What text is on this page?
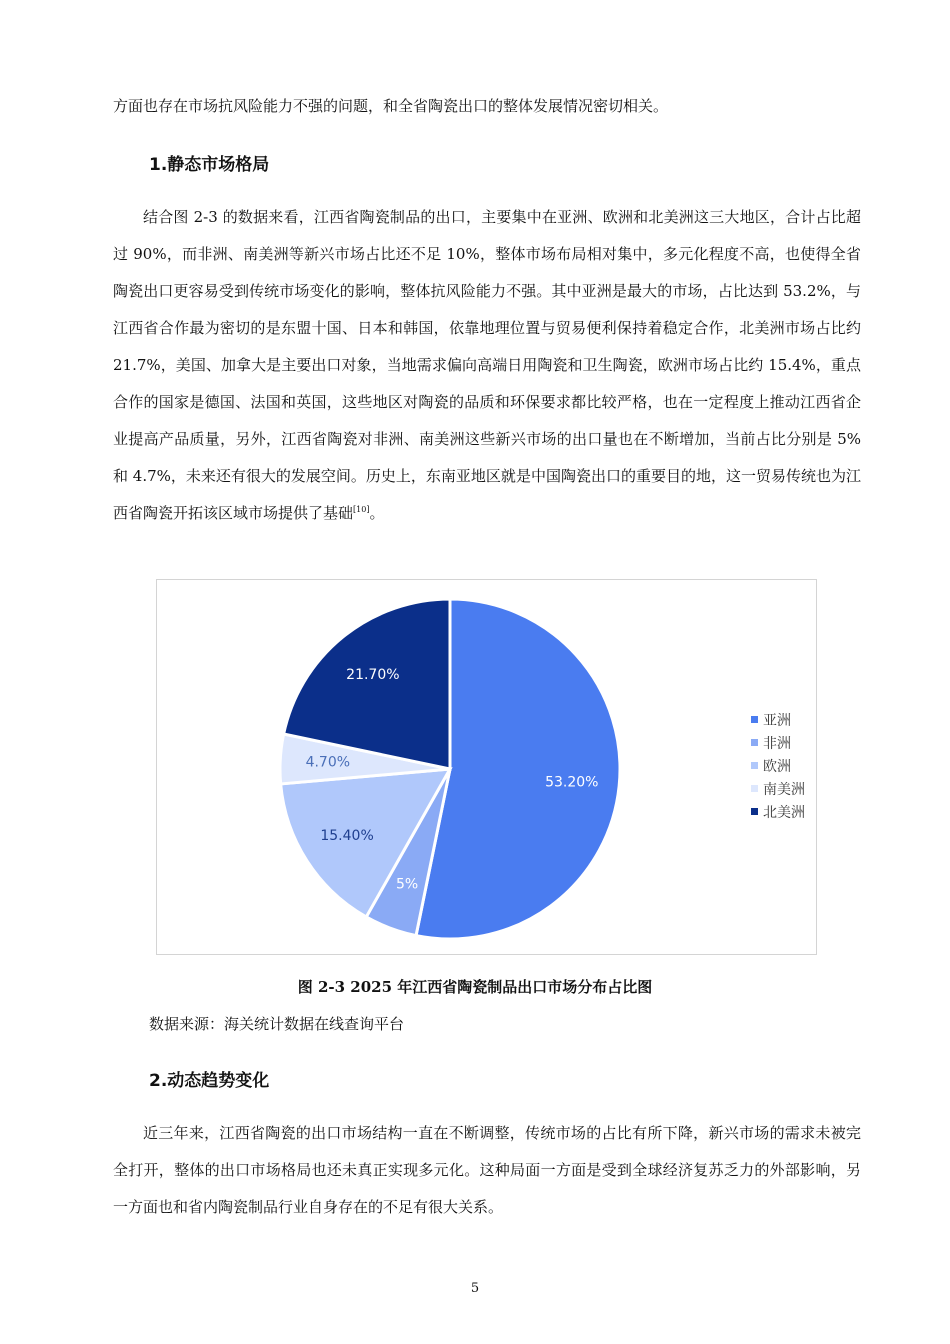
方面也存在市场抗风险能力不强的问题，和全省陶瓷出口的整体发展情况密切相关。

1.静态市场格局

结合图 2-3 的数据来看，江西省陶瓷制品的出口，主要集中在亚洲、欧洲和北美洲这三大地区，合计占比超过 90%，而非洲、南美洲等新兴市场占比还不足 10%，整体市场布局相对集中，多元化程度不高，也使得全省陶瓷出口更容易受到传统市场变化的影响，整体抗风险能力不强。其中亚洲是最大的市场，占比达到 53.2%，与江西省合作最为密切的是东盟十国、日本和韩国，依靠地理位置与贸易便利保持着稳定合作，北美洲市场占比约 21.7%，美国、加拿大是主要出口对象，当地需求偏向高端日用陶瓷和卫生陶瓷，欧洲市场占比约 15.4%，重点合作的国家是德国、法国和英国，这些地区对陶瓷的品质和环保要求都比较严格，也在一定程度上推动江西省企业提高产品质量，另外，江西省陶瓷对非洲、南美洲这些新兴市场的出口量也在不断增加，当前占比分别是 5%和 4.7%，未来还有很大的发展空间。历史上，东南亚地区就是中国陶瓷出口的重要目的地，这一贸易传统也为江西省陶瓷开拓该区域市场提供了基础[10]。

53.20%
5%
15.40%
4.70%
21.70%
亚洲
非洲
欧洲
南美洲
北美洲

图 2-3 2025 年江西省陶瓷制品出口市场分布占比图

数据来源：海关统计数据在线查询平台

2.动态趋势变化

近三年来，江西省陶瓷的出口市场结构一直在不断调整，传统市场的占比有所下降，新兴市场的需求未被完全打开，整体的出口市场格局也还未真正实现多元化。这种局面一方面是受到全球经济复苏乏力的外部影响，另一方面也和省内陶瓷制品行业自身存在的不足有很大关系。

5
